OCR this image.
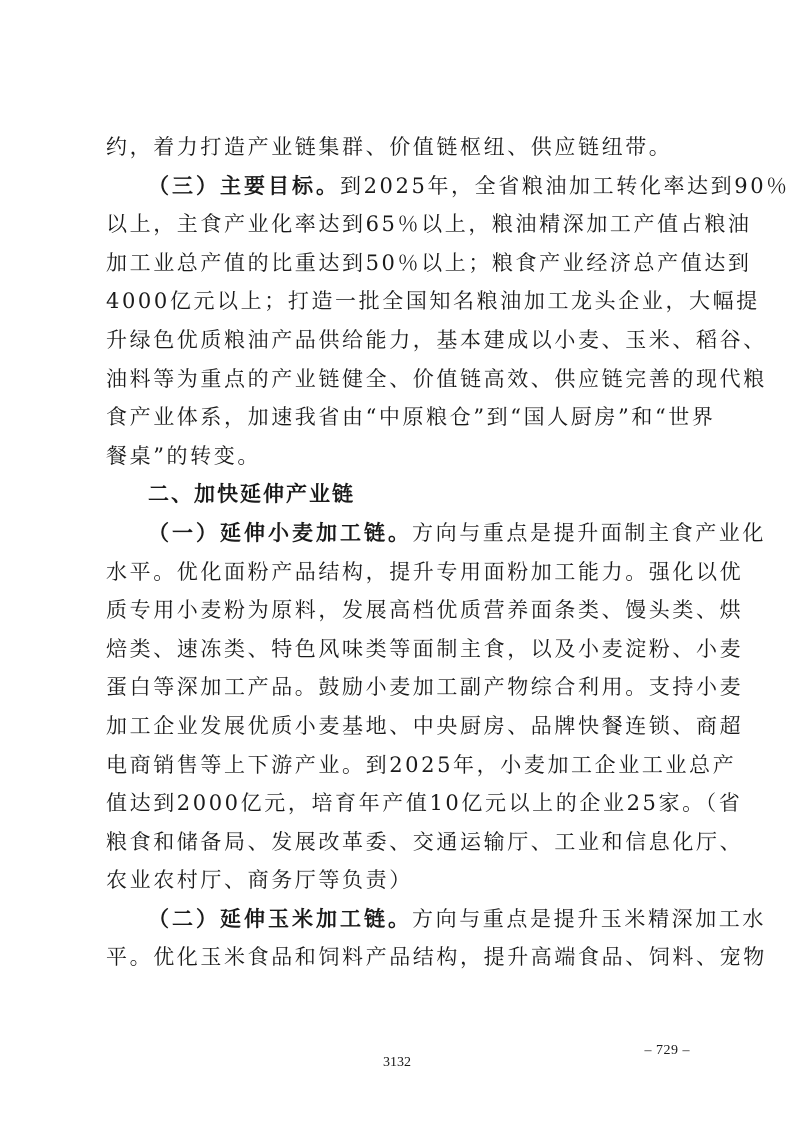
约，着力打造产业链集群、价值链枢纽、供应链纽带。
（三）主要目标。到2025年，全省粮油加工转化率达到90％
以上，主食产业化率达到65％以上，粮油精深加工产值占粮油
加工业总产值的比重达到50％以上；粮食产业经济总产值达到
4000亿元以上；打造一批全国知名粮油加工龙头企业，大幅提
升绿色优质粮油产品供给能力，基本建成以小麦、玉米、稻谷、
油料等为重点的产业链健全、价值链高效、供应链完善的现代粮
食产业体系，加速我省由“中原粮仓”到“国人厨房”和“世界
餐桌”的转变。
二、加快延伸产业链
（一）延伸小麦加工链。方向与重点是提升面制主食产业化
水平。优化面粉产品结构，提升专用面粉加工能力。强化以优
质专用小麦粉为原料，发展高档优质营养面条类、馒头类、烘
焙类、速冻类、特色风味类等面制主食，以及小麦淀粉、小麦
蛋白等深加工产品。鼓励小麦加工副产物综合利用。支持小麦
加工企业发展优质小麦基地、中央厨房、品牌快餐连锁、商超
电商销售等上下游产业。到2025年，小麦加工企业工业总产
值达到2000亿元，培育年产值10亿元以上的企业25家。（省
粮食和储备局、发展改革委、交通运输厅、工业和信息化厅、
农业农村厅、商务厅等负责）
（二）延伸玉米加工链。方向与重点是提升玉米精深加工水
平。优化玉米食品和饲料产品结构，提升高端食品、饲料、宠物
– 729 –
3132
